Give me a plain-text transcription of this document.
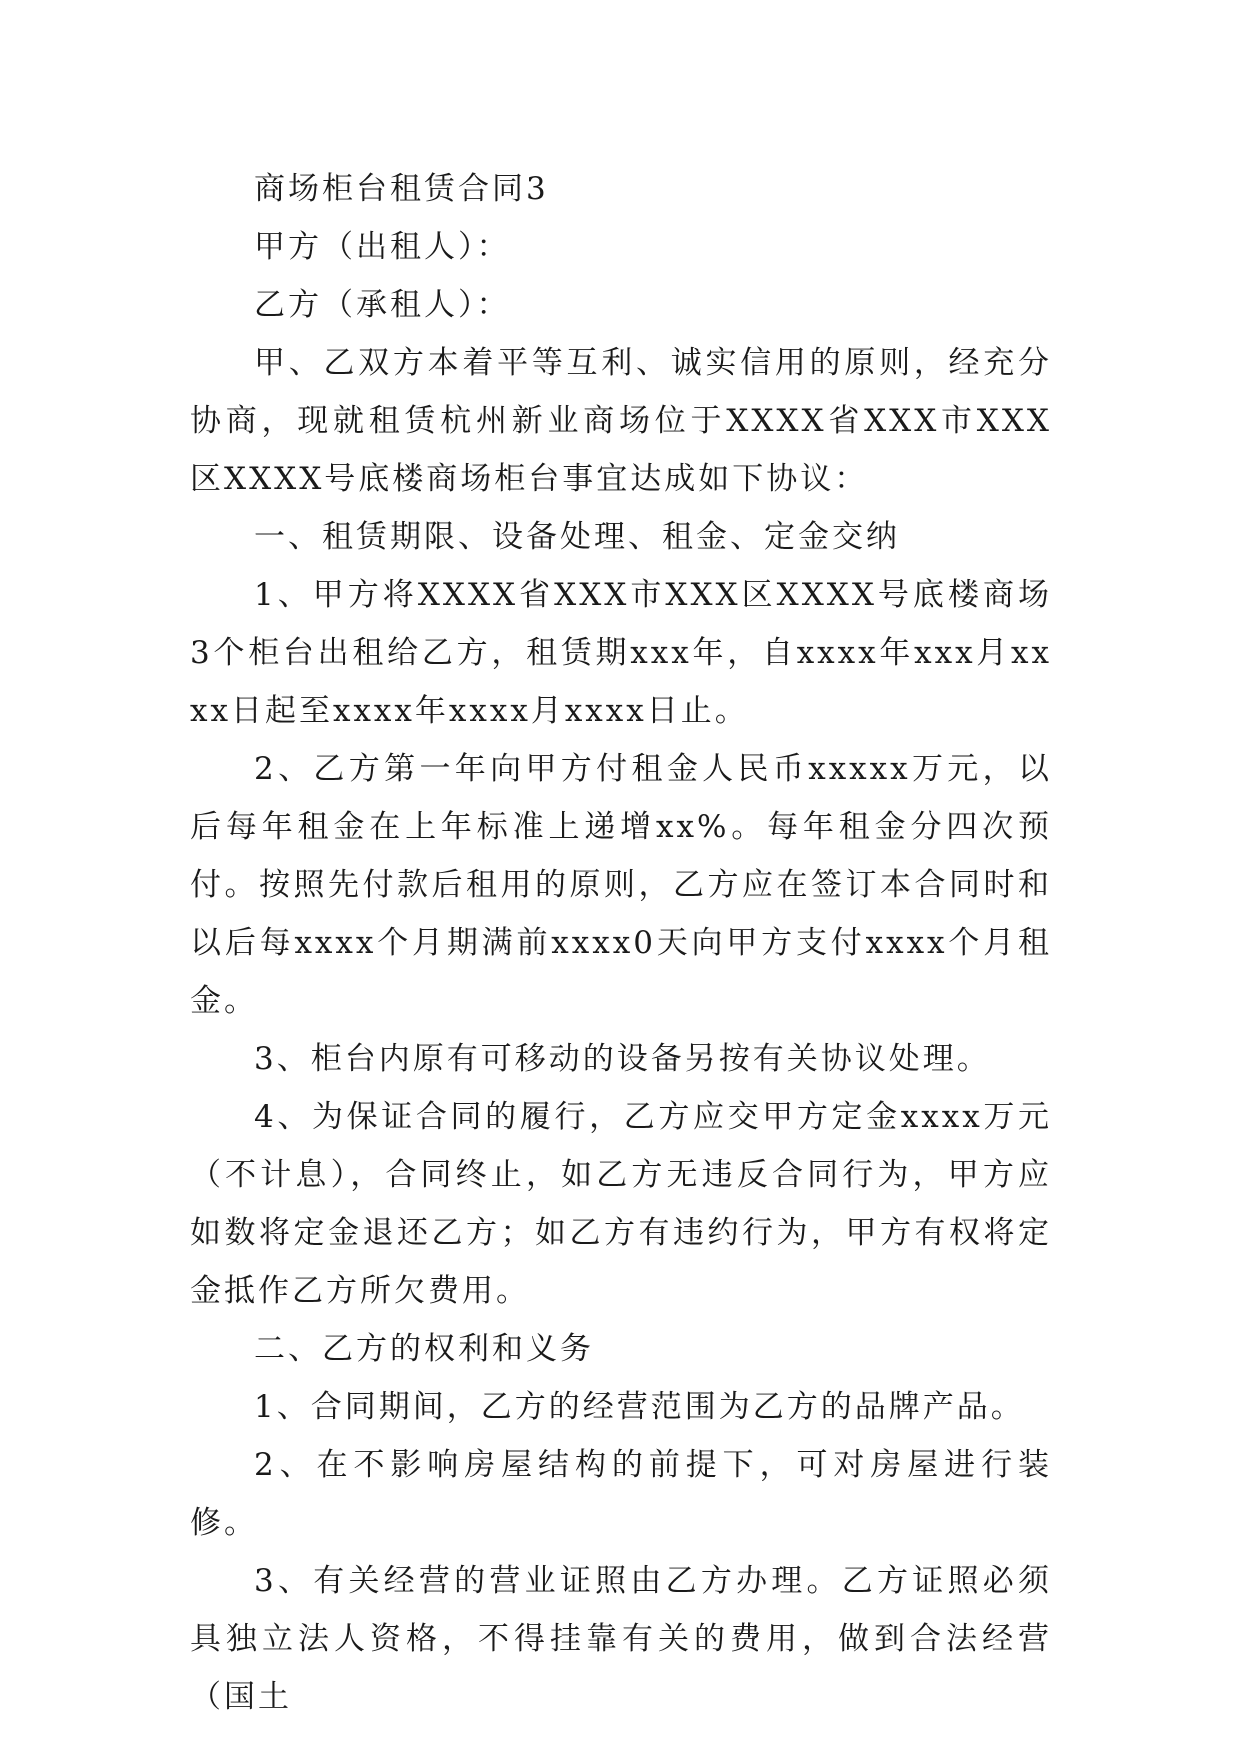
商场柜台租赁合同3

甲方（出租人）：

乙方（承租人）：

甲、乙双方本着平等互利、诚实信用的原则，经充分协商，现就租赁杭州新业商场位于XXXX省XXX市XXX区XXXX号底楼商场柜台事宜达成如下协议：

一、租赁期限、设备处理、租金、定金交纳

1、甲方将XXXX省XXX市XXX区XXXX号底楼商场3个柜台出租给乙方，租赁期xxx年，自xxxx年xxx月xxxx日起至xxxx年xxxx月xxxx日止。

2、乙方第一年向甲方付租金人民币xxxxx万元，以后每年租金在上年标准上递增xx%。每年租金分四次预付。按照先付款后租用的原则，乙方应在签订本合同时和以后每xxxx个月期满前xxxx0天向甲方支付xxxx个月租金。

3、柜台内原有可移动的设备另按有关协议处理。

4、为保证合同的履行，乙方应交甲方定金xxxx万元（不计息），合同终止，如乙方无违反合同行为，甲方应如数将定金退还乙方；如乙方有违约行为，甲方有权将定金抵作乙方所欠费用。

二、乙方的权利和义务

1、合同期间，乙方的经营范围为乙方的品牌产品。

2、在不影响房屋结构的前提下，可对房屋进行装修。

3、有关经营的营业证照由乙方办理。乙方证照必须具独立法人资格，不得挂靠有关的费用，做到合法经营（国土
